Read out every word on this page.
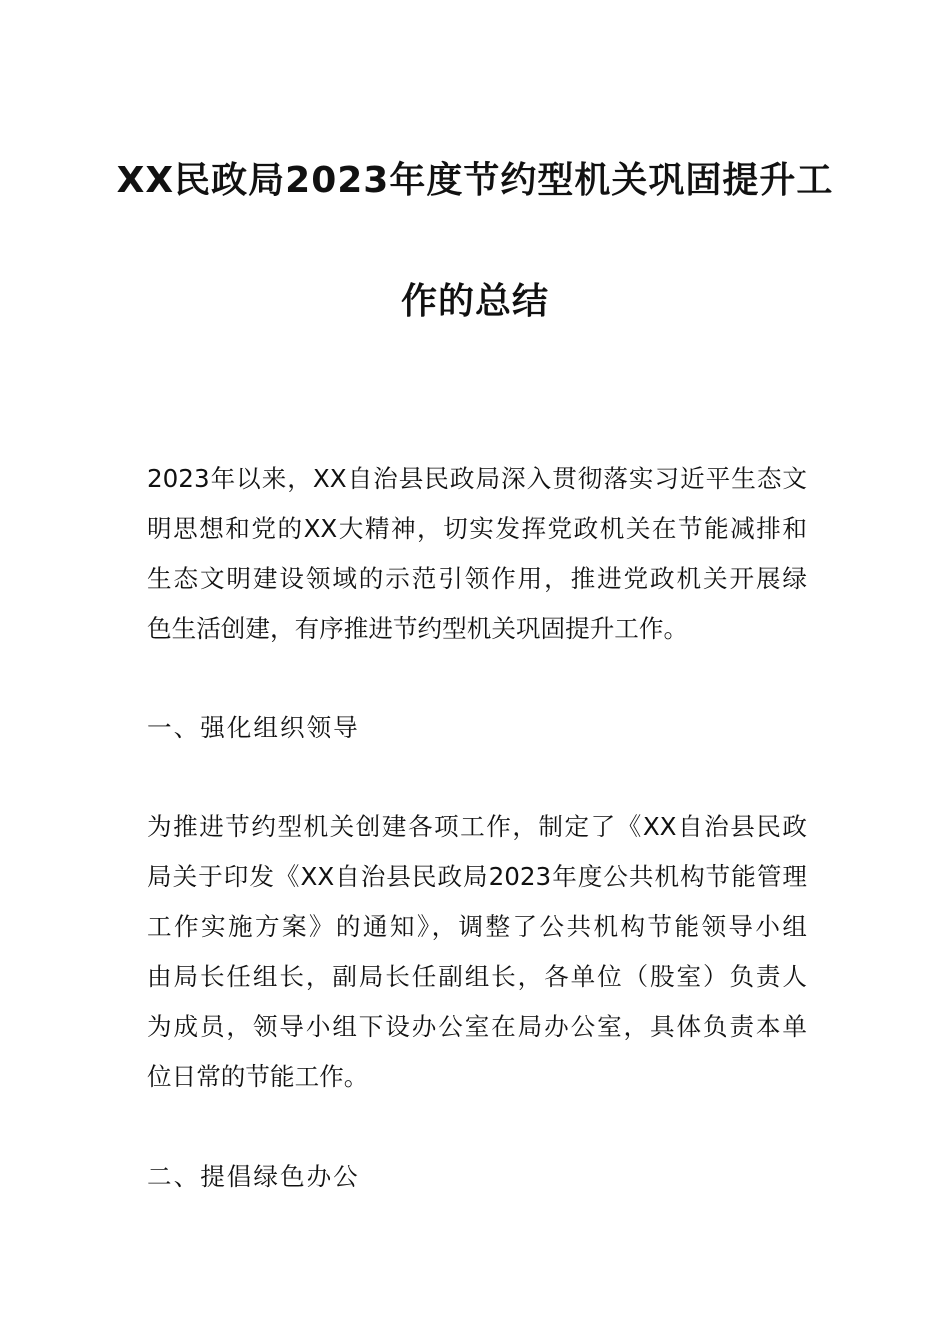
XX民政局2023年度节约型机关巩固提升工
作的总结
2023年以来，XX自治县民政局深入贯彻落实习近平生态文
明思想和党的XX大精神，切实发挥党政机关在节能减排和
生态文明建设领域的示范引领作用，推进党政机关开展绿
色生活创建，有序推进节约型机关巩固提升工作。
一、强化组织领导
为推进节约型机关创建各项工作，制定了《XX自治县民政
局关于印发《XX自治县民政局2023年度公共机构节能管理
工作实施方案》的通知》，调整了公共机构节能领导小组
由局长任组长，副局长任副组长，各单位（股室）负责人
为成员，领导小组下设办公室在局办公室，具体负责本单
位日常的节能工作。
二、提倡绿色办公
